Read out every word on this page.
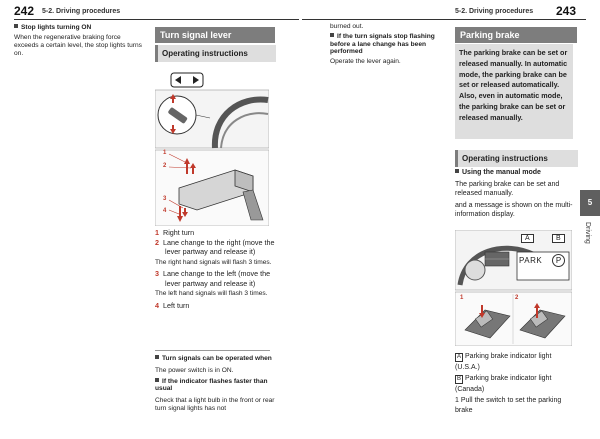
242 5-2. Driving procedures	5-2. Driving procedures 243
Stop lights turning ON
When the regenerative braking force exceeds a certain level, the stop lights turns on.
Turn signal lever
Operating instructions
1
2
3
4
1 Right turn
2 Lane change to the right (move the lever partway and release it)
The right hand signals will flash 3 times.
3 Lane change to the left (move the lever partway and release it)
The left hand signals will flash 3 times.
4 Left turn
Turn signals can be operated when
The power switch is in ON.
If the indicator flashes faster than usual
Check that a light bulb in the front or rear turn signal lights has not
burned out.
If the turn signals stop flashing before a lane change has been performed
Operate the lever again.
Parking brake
The parking brake can be set or released manually. In automatic mode, the parking brake can be set or released automatically. Also, even in automatic mode, the parking brake can be set or released manually.
Operating instructions
Using the manual mode
The parking brake can be set and released manually.
and a message is shown on the multi-information display.
A	B
PARK	P
1	2
A Parking brake indicator light (U.S.A.)
B Parking brake indicator light (Canada)
1 Pull the switch to set the parking brake
5
Driving
